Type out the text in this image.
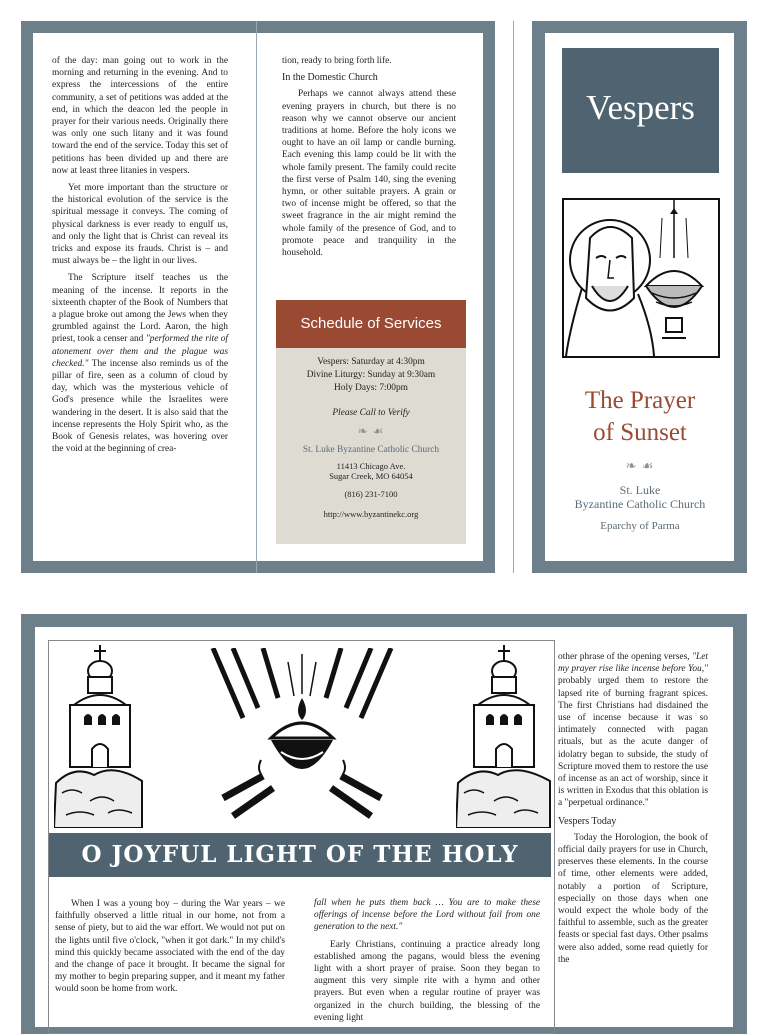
of the day: man going out to work in the morning and returning in the evening. And to express the intercessions of the entire community, a set of petitions was added at the end, in which the deacon led the people in prayer for their various needs. Originally there was only one such litany and it was found toward the end of the service. Today this set of petitions has been divided up and there are now at least three litanies in vespers.

Yet more important than the structure or the historical evolution of the service is the spiritual message it conveys. The coming of physical darkness is ever ready to engulf us, and only the light that is Christ can reveal its tricks and expose its frauds. Christ is – and must always be – the light in our lives.

The Scripture itself teaches us the meaning of the incense. It reports in the sixteenth chapter of the Book of Numbers that a plague broke out among the Jews when they grumbled against the Lord. Aaron, the high priest, took a censer and "performed the rite of atonement over them and the plague was checked." The incense also reminds us of the pillar of fire, seen as a column of cloud by day, which was the mysterious vehicle of God's presence while the Israelites were wandering in the desert. It is also said that the incense represents the Holy Spirit who, as the Book of Genesis relates, was hovering over the void at the beginning of crea-

tion, ready to bring forth life.

In the Domestic Church

Perhaps we cannot always attend these evening prayers in church, but there is no reason why we cannot observe our ancient traditions at home. Before the holy icons we ought to have an oil lamp or candle burning. Each evening this lamp could be lit with the whole family present. The family could recite the first verse of Psalm 140, sing the evening hymn, or other suitable prayers. A grain or two of incense might be offered, so that the sweet fragrance in the air might remind the whole family of the presence of God, and to promote peace and tranquility in the household.

Schedule of Services
Vespers: Saturday at 4:30pm
Divine Liturgy: Sunday at 9:30am
Holy Days: 7:00pm
Please Call to Verify
❧ ☙
St. Luke Byzantine Catholic Church
11413 Chicago Ave.
Sugar Creek, MO 64054
(816) 231-7100
http://www.byzantinekc.org
Vespers
The Prayer
of Sunset
❧ ☙
St. Luke
Byzantine Catholic Church
Eparchy of Parma
O JOYFUL LIGHT OF THE HOLY GLORY

When I was a young boy – during the War years – we faithfully observed a little ritual in our home, not from a sense of piety, but to aid the war effort. We would not put on the lights until five o'clock, "when it got dark." In my child's mind this quickly became associated with the end of the day and the change of pace it brought. It became the signal for my mother to begin preparing supper, and it meant my father would soon be home from work.

fall when he puts them back … You are to make these offerings of incense before the Lord without fail from one generation to the next."

Early Christians, continuing a practice already long established among the pagans, would bless the evening light with a short prayer of praise. Soon they began to augment this very simple rite with a hymn and other prayers. But even when a regular routine of prayer was organized in the church building, the blessing of the evening light

other phrase of the opening verses, "Let my prayer rise like incense before You," probably urged them to restore the lapsed rite of burning fragrant spices. The first Christians had disdained the use of incense because it was so intimately connected with pagan rituals, but as the acute danger of idolatry began to subside, the study of Scripture moved them to restore the use of incense as an act of worship, since it is written in Exodus that this oblation is a "perpetual ordinance."

Vespers Today

Today the Horologion, the book of official daily prayers for use in Church, preserves these elements. In the course of time, other elements were added, notably a portion of Scripture, especially on those days when one would expect the whole body of the faithful to assemble, such as the greater feasts or special fast days. Other psalms were also added, some read quietly for the
